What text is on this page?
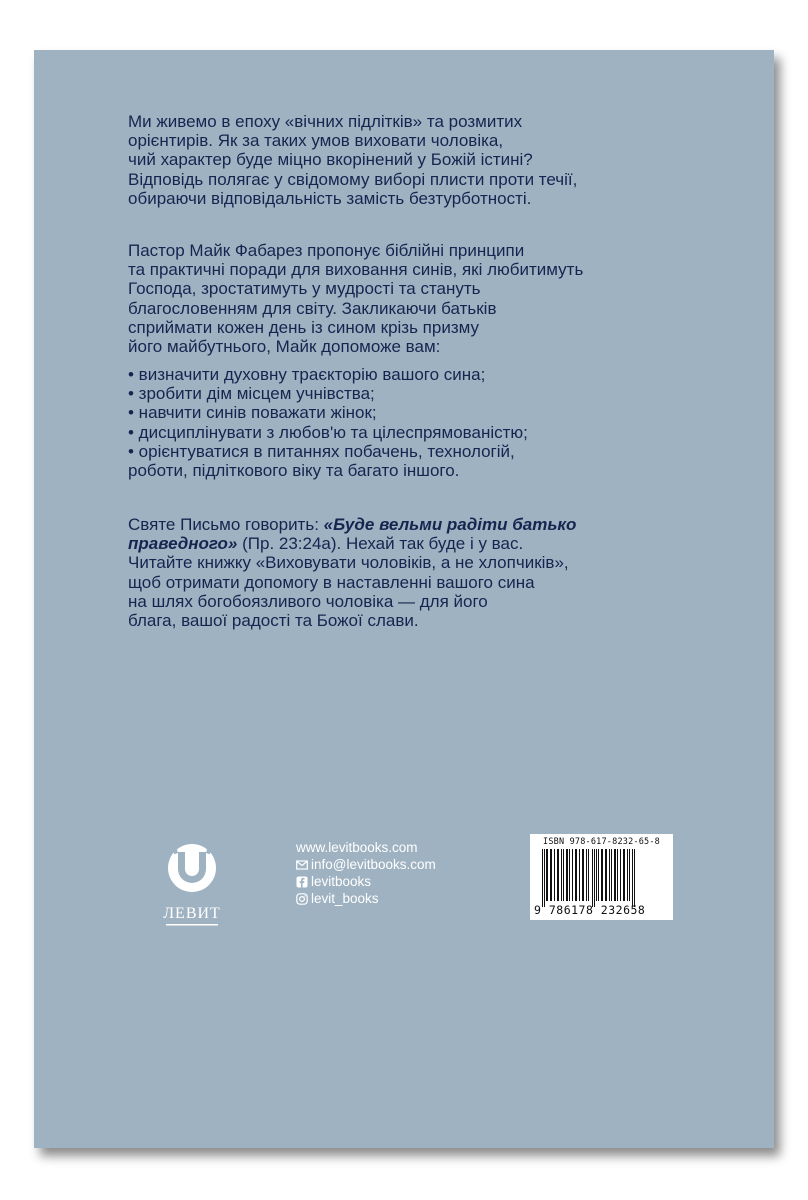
Ми живемо в епоху «вічних підлітків» та розмитих

орієнтирів. Як за таких умов виховати чоловіка,

чий характер буде міцно вкорінений у Божій істині?

Відповідь полягає у свідомому виборі плисти проти течії,

обираючи відповідальність замість безтурботності.

Пастор Майк Фабарез пропонує біблійні принципи

та практичні поради для виховання синів, які любитимуть

Господа, зростатимуть у мудрості та стануть

благословенням для світу. Закликаючи батьків

сприймати кожен день із сином крізь призму

його майбутнього, Майк допоможе вам:

• визначити духовну траєкторію вашого сина;
• зробити дім місцем учнівства;
• навчити синів поважати жінок;
• дисциплінувати з любов'ю та цілеспрямованістю;
• орієнтуватися в питаннях побачень, технологій,
роботи, підліткового віку та багато іншого.

Святе Письмо говорить: «Буде вельми радіти батько

праведного» (Пр. 23:24а). Нехай так буде і у вас.

Читайте книжку «Виховувати чоловіків, а не хлопчиків»,

щоб отримати допомогу в наставленні вашого сина

на шлях богобоязливого чоловіка — для його

блага, вашої радості та Божої слави.

ЛЕВИТ
www.levitbooks.com
info@levitbooks.com
levitbooks
levit_books
ISBN 978-617-8232-65-8
9 786178 232658
